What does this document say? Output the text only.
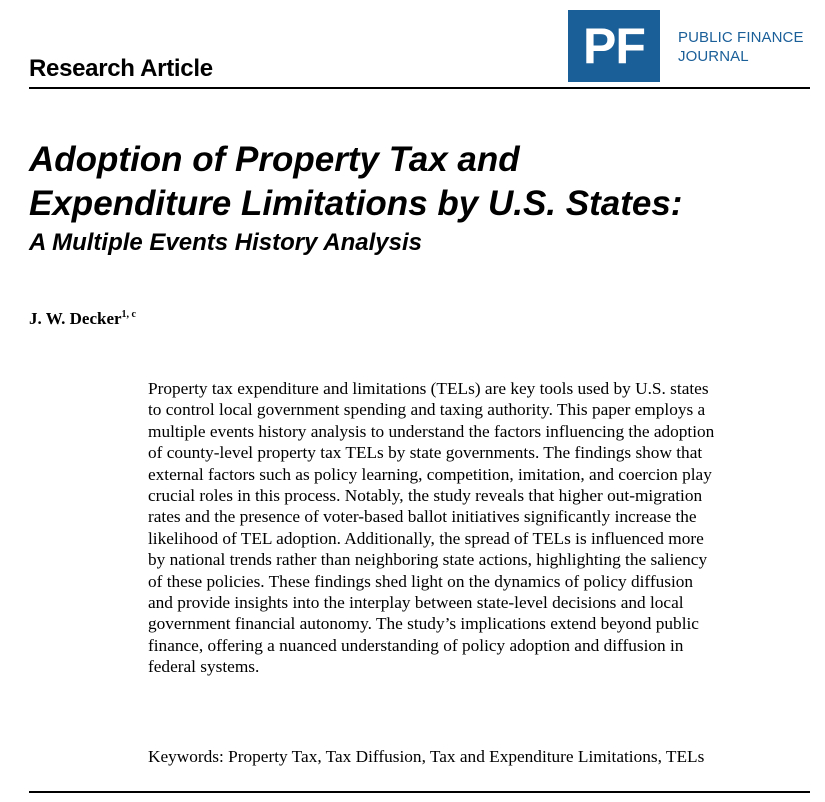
Research Article	PF PUBLIC FINANCE
JOURNAL
Adoption of Property Tax and
Expenditure Limitations by U.S. States:
A Multiple Events History Analysis
J. W. Decker$^{1, c}$
Property tax expenditure and limitations (TELs) are key tools used by U.S. states
to control local government spending and taxing authority. This paper employs a
multiple events history analysis to understand the factors influencing the adoption
of county-level property tax TELs by state governments. The findings show that
external factors such as policy learning, competition, imitation, and coercion play
crucial roles in this process. Notably, the study reveals that higher out-migration
rates and the presence of voter-based ballot initiatives significantly increase the
likelihood of TEL adoption. Additionally, the spread of TELs is influenced more
by national trends rather than neighboring state actions, highlighting the saliency
of these policies. These findings shed light on the dynamics of policy diffusion
and provide insights into the interplay between state-level decisions and local
government financial autonomy. The study’s implications extend beyond public
finance, offering a nuanced understanding of policy adoption and diffusion in
federal systems.
Keywords: Property Tax, Tax Diffusion, Tax and Expenditure Limitations, TELs
